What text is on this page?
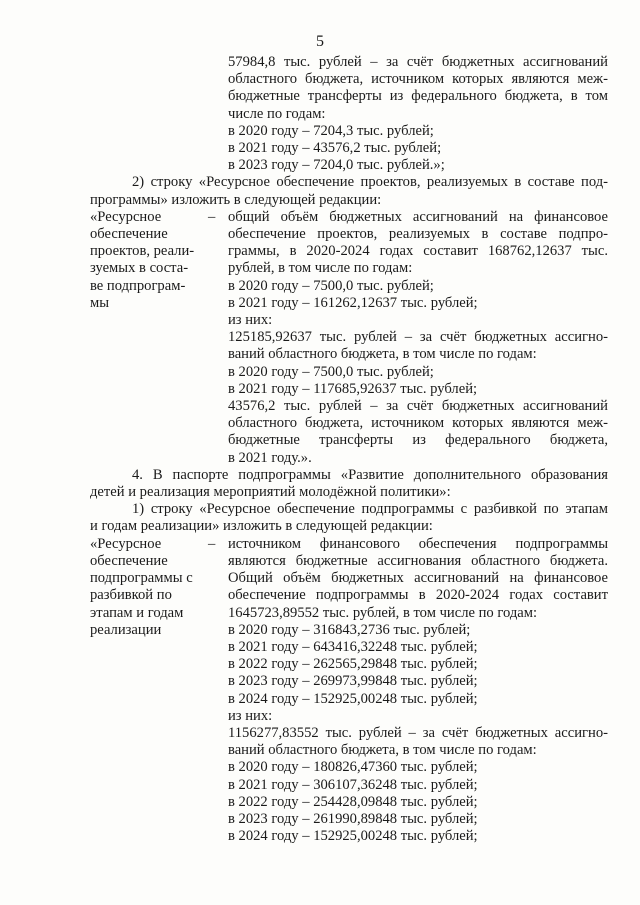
5
57984,8 тыс. рублей – за счёт бюджетных ассигнований
областного бюджета, источником которых являются меж-
бюджетные трансферты из федерального бюджета, в том
числе по годам:
в 2020 году – 7204,3 тыс. рублей;
в 2021 году – 43576,2 тыс. рублей;
в 2023 году – 7204,0 тыс. рублей.»;
2) строку «Ресурсное обеспечение проектов, реализуемых в составе под-
программы» изложить в следующей редакции:
«Ресурсное
обеспечение
проектов, реали-
зуемых в соста-
ве подпрограм-
мы
– общий объём бюджетных ассигнований на финансовое
обеспечение проектов, реализуемых в составе подпро-
граммы, в 2020-2024 годах составит 168762,12637 тыс.
рублей, в том числе по годам:
в 2020 году – 7500,0 тыс. рублей;
в 2021 году – 161262,12637 тыс. рублей;
из них:
125185,92637 тыс. рублей – за счёт бюджетных ассигно-
ваний областного бюджета, в том числе по годам:
в 2020 году – 7500,0 тыс. рублей;
в 2021 году – 117685,92637 тыс. рублей;
43576,2 тыс. рублей – за счёт бюджетных ассигнований
областного бюджета, источником которых являются меж-
бюджетные трансферты из федерального бюджета,
в 2021 году.».
4. В паспорте подпрограммы «Развитие дополнительного образования
детей и реализация мероприятий молодёжной политики»:
1) строку «Ресурсное обеспечение подпрограммы с разбивкой по этапам
и годам реализации» изложить в следующей редакции:
«Ресурсное
обеспечение
подпрограммы с
разбивкой по
этапам и годам
реализации
– источником финансового обеспечения подпрограммы
являются бюджетные ассигнования областного бюджета.
Общий объём бюджетных ассигнований на финансовое
обеспечение подпрограммы в 2020-2024 годах составит
1645723,89552 тыс. рублей, в том числе по годам:
в 2020 году – 316843,2736 тыс. рублей;
в 2021 году – 643416,32248 тыс. рублей;
в 2022 году – 262565,29848 тыс. рублей;
в 2023 году – 269973,99848 тыс. рублей;
в 2024 году – 152925,00248 тыс. рублей;
из них:
1156277,83552 тыс. рублей – за счёт бюджетных ассигно-
ваний областного бюджета, в том числе по годам:
в 2020 году – 180826,47360 тыс. рублей;
в 2021 году – 306107,36248 тыс. рублей;
в 2022 году – 254428,09848 тыс. рублей;
в 2023 году – 261990,89848 тыс. рублей;
в 2024 году – 152925,00248 тыс. рублей;
